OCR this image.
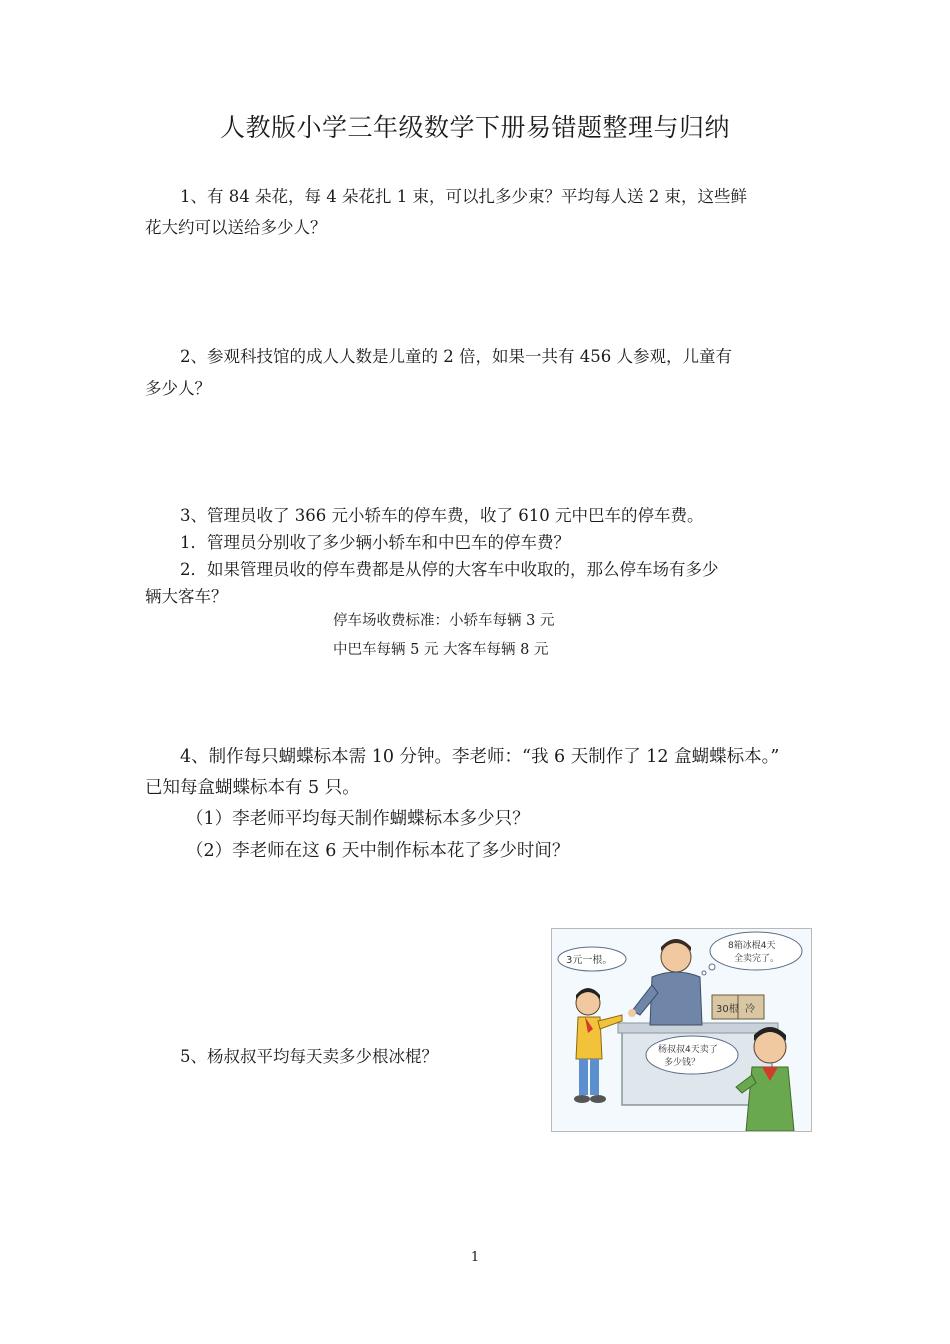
人教版小学三年级数学下册易错题整理与归纳
1、有 84 朵花，每 4 朵花扎 1 束，可以扎多少束？平均每人送 2 束，这些鲜
花大约可以送给多少人？
2、参观科技馆的成人人数是儿童的 2 倍，如果一共有 456 人参观，儿童有
多少人？
3、管理员收了 366 元小轿车的停车费，收了 610 元中巴车的停车费。
1．管理员分别收了多少辆小轿车和中巴车的停车费？
2．如果管理员收的停车费都是从停的大客车中收取的，那么停车场有多少
辆大客车？
停车场收费标准：小轿车每辆 3 元
中巴车每辆 5 元 大客车每辆 8 元
4、制作每只蝴蝶标本需 10 分钟。李老师：“我 6 天制作了 12 盒蝴蝶标本。”
已知每盒蝴蝶标本有 5 只。
（1）李老师平均每天制作蝴蝶标本多少只？
（2）李老师在这 6 天中制作标本花了多少时间？
5、杨叔叔平均每天卖多少根冰棍？
30根 冷
3元一根。
8箱冰棍4天
全卖完了。
杨叔叔4天卖了
多少钱？
1
